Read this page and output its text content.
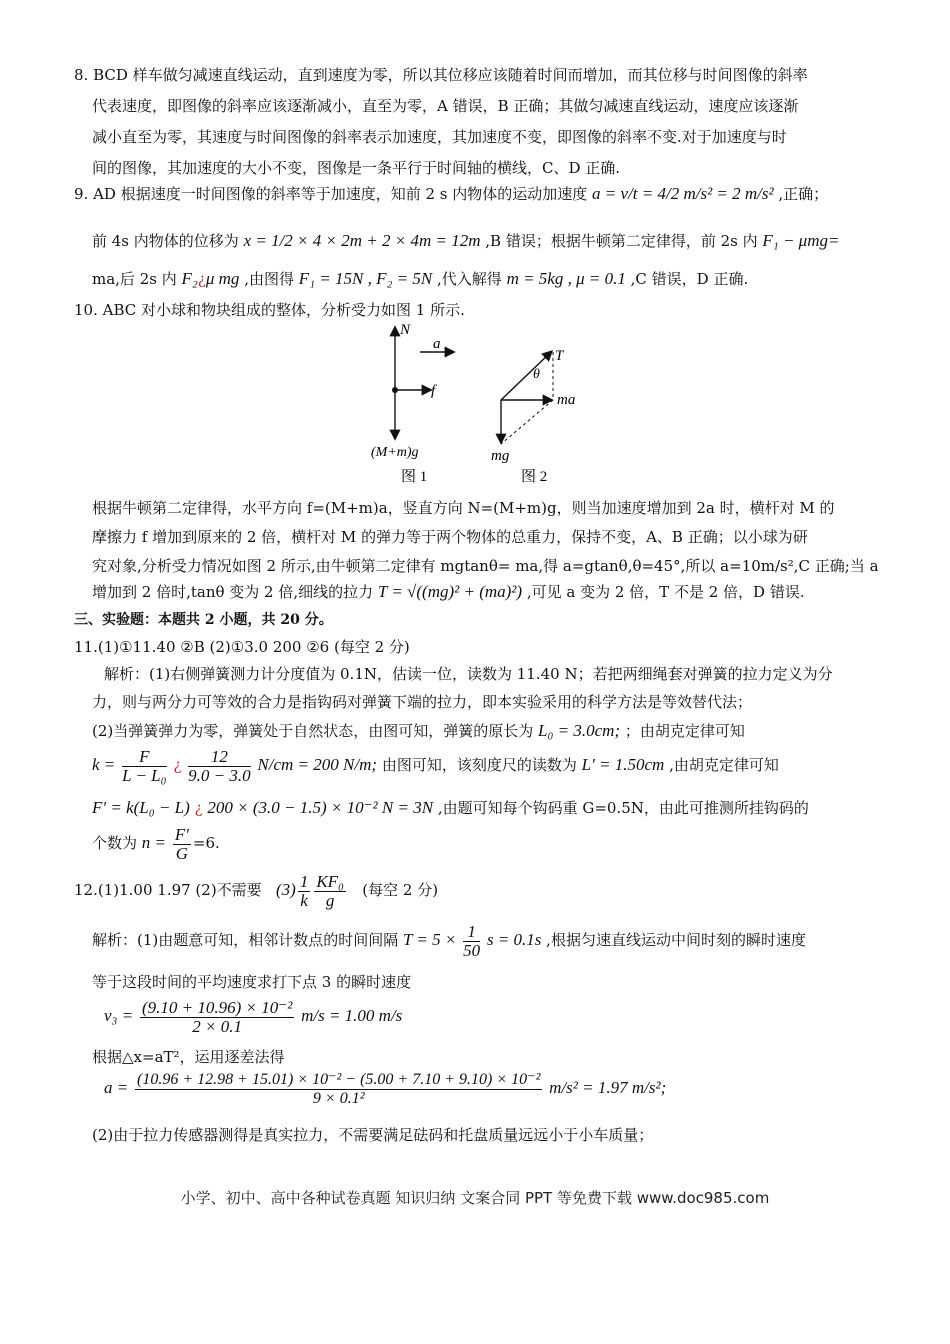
8. BCD 样车做匀减速直线运动，直到速度为零，所以其位移应该随着时间而增加，而其位移与时间图像的斜率
代表速度，即图像的斜率应该逐渐减小，直至为零，A 错误，B 正确；其做匀减速直线运动，速度应该逐渐
减小直至为零，其速度与时间图像的斜率表示加速度，其加速度不变，即图像的斜率不变.对于加速度与时
间的图像，其加速度的大小不变，图像是一条平行于时间轴的横线，C、D 正确.
9. AD 根据速度一时间图像的斜率等于加速度，知前 2 s 内物体的运动加速度 a = v/t = 4/2 m/s² = 2 m/s² ,正确；
前 4s 内物体的位移为 x = 1/2 × 4 × 2m + 2 × 4m = 12m ,B 错误；根据牛顿第二定律得，前 2s 内 F₁ − μmg=
ma,后 2s 内 F₂¿μ mg ,由图得 F₁ = 15N , F₂ = 5N ,代入解得 m = 5kg , μ = 0.1 ,C 错误，D 正确.
10. ABC 对小球和物块组成的整体，分析受力如图 1 所示.
N
a
f
(M+m)g
图 1
T
θ
ma
mg
图 2
根据牛顿第二定律得，水平方向 f=(M+m)a，竖直方向 N=(M+m)g，则当加速度增加到 2a 时，横杆对 M 的
摩擦力 f 增加到原来的 2 倍，横杆对 M 的弹力等于两个物体的总重力，保持不变，A、B 正确；以小球为研
究对象,分析受力情况如图 2 所示,由牛顿第二定律有 mgtanθ= ma,得 a=gtanθ,θ=45°,所以 a=10m/s²,C 正确;当 a
增加到 2 倍时,tanθ 变为 2 倍,细线的拉力 T = √((mg)² + (ma)²) ,可见 a 变为 2 倍，T 不是 2 倍，D 错误.
三、实验题：本题共 2 小题，共 20 分。
11.(1)①11.40 ②B (2)①3.0 200 ②6 (每空 2 分)
解析：(1)右侧弹簧测力计分度值为 0.1N，估读一位，读数为 11.40 N；若把两细绳套对弹簧的拉力定义为分
力，则与两分力可等效的合力是指钩码对弹簧下端的拉力，即本实验采用的科学方法是等效替代法；
(2)当弹簧弹力为零，弹簧处于自然状态，由图可知，弹簧的原长为 L₀ = 3.0cm; ；由胡克定律可知
$k = \frac{F}{\text{L − L₀}}$ ¿ $\frac{12}{9.0 - 3.0} N/cm = 200$ N/m; 由图可知，该刻度尺的读数为 L′ = 1.50cm ,由胡克定律可知
F′ = k(L₀ − L) ¿ 200 × (3.0 − 1.5) × 10⁻² N = 3N ,由题可知每个钩码重 G=0.5N，由此可推测所挂钩码的
个数为 $n = \frac{F'}{G} =6$.
12.(1)1.00 1.97 (2)不需要 $(3) \frac{1}{k} \frac{\text{KF₀}}{g}$ (每空 2 分)
解析：(1)由题意可知，相邻计数点的时间间隔 $T = 5 \times \frac{1}{50}$ s = 0.1s ,根据匀速直线运动中间时刻的瞬时速度
等于这段时间的平均速度求打下点 3 的瞬时速度
$v_3 = \frac{\text{(9.10 + 10.96) × 10⁻²}}{2 \times 0.1} m/s = 1.00$ m/s
根据△x=aT²，运用逐差法得
$a = \frac{\text{(10.96 + 12.98 + 15.01) × 10⁻² − (5.00 + 7.10 + 9.10) × 10⁻²}}{\text{9 × 0.1²}} m/s^2 = 1.97$ m/s²;
(2)由于拉力传感器测得是真实拉力，不需要满足砝码和托盘质量远远小于小车质量；
小学、初中、高中各种试卷真题 知识归纳 文案合同 PPT 等免费下载 www.doc985.com
